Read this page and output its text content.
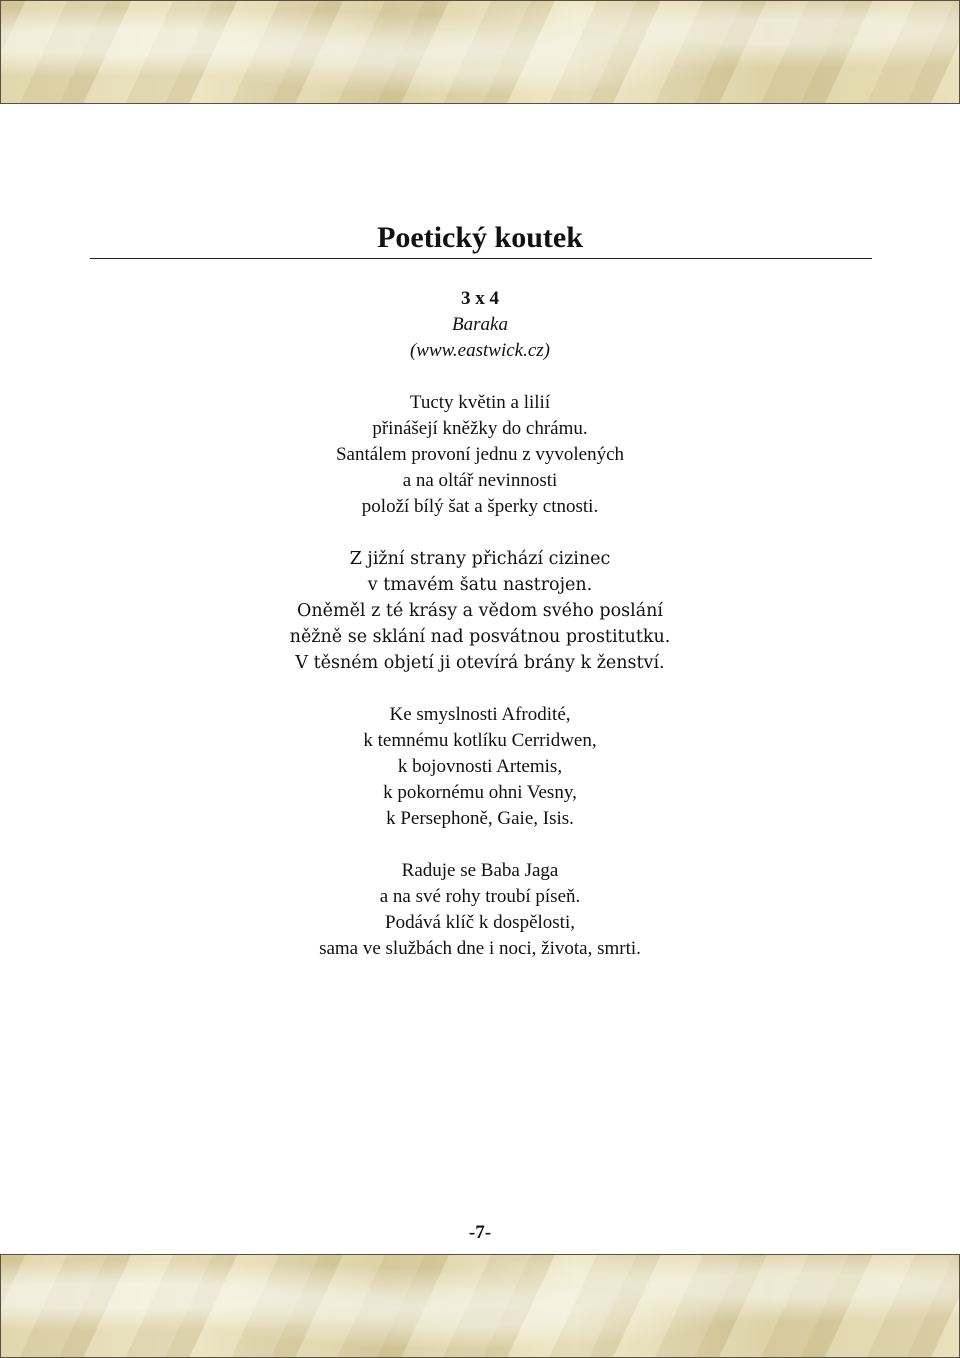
Poetický koutek
3 x 4
Baraka
(www.eastwick.cz)
Tucty květin a lilií
přinášejí kněžky do chrámu.
Santálem provoní jednu z vyvolených
a na oltář nevinnosti
položí bílý šat a šperky ctnosti.
Z jižní strany přichází cizinec
v tmavém šatu nastrojen.
Oněměl z té krásy a vědom svého poslání
něžně se sklání nad posvátnou prostitutku.
V těsném objetí ji otevírá brány k ženství.
Ke smyslnosti Afrodité,
k temnému kotlíku Cerridwen,
k bojovnosti Artemis,
k pokornému ohni Vesny,
k Persephoně, Gaie, Isis.
Raduje se Baba Jaga
a na své rohy troubí píseň.
Podává klíč k dospělosti,
sama ve službách dne i noci, života, smrti.
-7-
